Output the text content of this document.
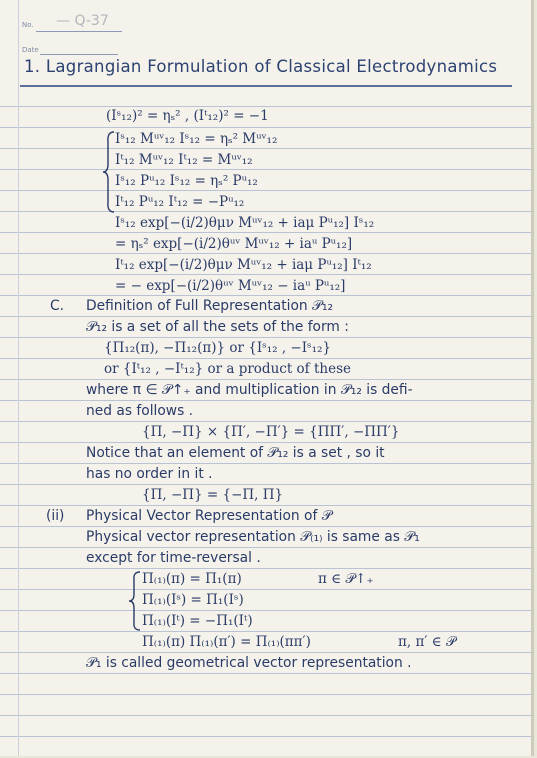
No.
Date
— Q-37
1. Lagrangian Formulation of Classical Electrodynamics
(Iˢ₁₂)² = ηₛ² , (Iᵗ₁₂)² = −1
Iˢ₁₂ Mᵘᵛ₁₂ Iˢ₁₂ = ηₛ² Mᵘᵛ₁₂
Iᵗ₁₂ Mᵘᵛ₁₂ Iᵗ₁₂ = Mᵘᵛ₁₂
Iˢ₁₂ Pᵘ₁₂ Iˢ₁₂ = ηₛ² Pᵘ₁₂
Iᵗ₁₂ Pᵘ₁₂ Iᵗ₁₂ = −Pᵘ₁₂
Iˢ₁₂ exp[−(i/2)θμν Mᵘᵛ₁₂ + iaμ Pᵘ₁₂] Iˢ₁₂
= ηₛ² exp[−(i/2)θᵘᵛ Mᵘᵛ₁₂ + iaᵘ Pᵘ₁₂]
Iᵗ₁₂ exp[−(i/2)θμν Mᵘᵛ₁₂ + iaμ Pᵘ₁₂] Iᵗ₁₂
= − exp[−(i/2)θᵘᵛ Mᵘᵛ₁₂ − iaᵘ Pᵘ₁₂]
C. Definition of Full Representation 𝒫₁₂
𝒫₁₂ is a set of all the sets of the form :
{Π₁₂(π), −Π₁₂(π)} or {Iˢ₁₂ , −Iˢ₁₂}
or {Iᵗ₁₂ , −Iᵗ₁₂} or a product of these
where π ∈ 𝒫↑₊ and multiplication in 𝒫₁₂ is defi-
ned as follows .
{Π, −Π} × {Π′, −Π′} = {ΠΠ′, −ΠΠ′}
Notice that an element of 𝒫₁₂ is a set , so it
has no order in it .
{Π, −Π} = {−Π, Π}
(ii) Physical Vector Representation of 𝒫
Physical vector representation 𝒫₍₁₎ is same as 𝒫₁
except for time-reversal .
Π₍₁₎(π) = Π₁(π)	π ∈ 𝒫↑₊
Π₍₁₎(Iˢ) = Π₁(Iˢ)
Π₍₁₎(Iᵗ) = −Π₁(Iᵗ)
Π₍₁₎(π) Π₍₁₎(π′) = Π₍₁₎(ππ′)	π, π′ ∈ 𝒫
𝒫₁ is called geometrical vector representation .
